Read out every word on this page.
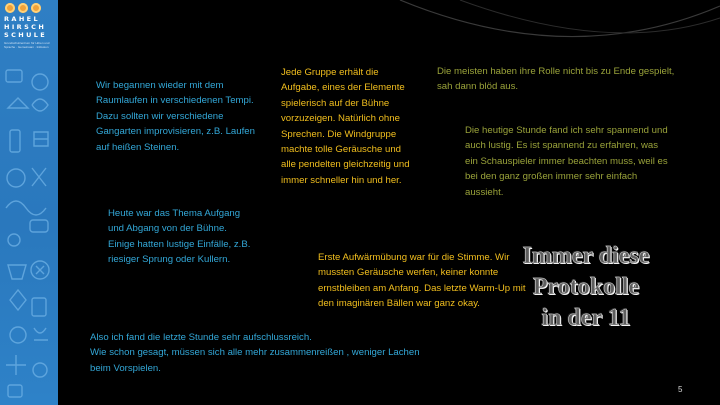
RAHEL
HIRSCH
SCHULE
Grundschulzentrum für Hören und Sprache · Gemeinsam · Inklusion

Wir begannen wieder mit dem Raumlaufen in verschiedenen Tempi. Dazu sollten wir verschiedene Gangarten improvisieren, z.B. Laufen auf heißen Steinen.

Jede Gruppe erhält die Aufgabe, eines der Elemente spielerisch auf der Bühne vorzuzeigen. Natürlich ohne Sprechen. Die Windgruppe machte tolle Geräusche und alle pendelten gleichzeitig und immer schneller hin und her.

Die meisten haben ihre Rolle nicht bis zu Ende gespielt, sah dann blöd aus.

Die heutige Stunde fand ich sehr spannend und auch lustig. Es ist spannend zu erfahren, was ein Schauspieler immer beachten muss, weil es bei den ganz großen immer sehr einfach aussieht.

Heute war das Thema Aufgang und Abgang von der Bühne.
Einige hatten lustige Einfälle, z.B. riesiger Sprung oder Kullern.	Erste Aufwärmübung war für die Stimme. Wir mussten Geräusche werfen, keiner konnte ernstbleiben am Anfang. Das letzte Warm-Up mit den imaginären Bällen war ganz okay.

Also ich fand die letzte Stunde sehr aufschlussreich.
Wie schon gesagt, müssen sich alle mehr zusammenreißen , weniger Lachen beim Vorspielen.

Immer diese Protokolle in der 11
5
